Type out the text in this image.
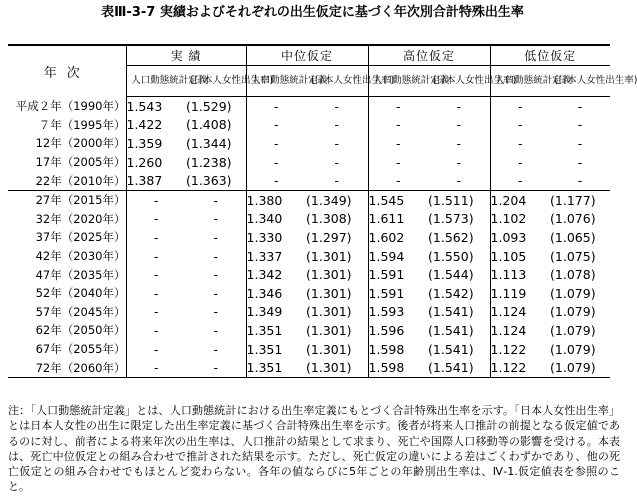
表Ⅲ-3-7 実績およびそれぞれの出生仮定に基づく年次別合計特殊出生率
年次	実 績		中位仮定		高位仮定		低位仮定	
	人口動態統計定義	(日本人女性出生率)	人口動態統計定義	(日本人女性出生率)	人口動態統計定義	(日本人女性出生率)	人口動態統計定義	(日本人女性出生率)
平成２年（1990年）	1.543	(1.529)	-	-	-	-	-	-
７年（1995年）	1.422	(1.408)	-	-	-	-	-	-
12年（2000年）	1.359	(1.344)	-	-	-	-	-	-
17年（2005年）	1.260	(1.238)	-	-	-	-	-	-
22年（2010年）	1.387	(1.363)	-	-	-	-	-	-
27年（2015年）	-	-	1.380	(1.349)	1.545	(1.511)	1.204	(1.177)
32年（2020年）	-	-	1.340	(1.308)	1.611	(1.573)	1.102	(1.076)
37年（2025年）	-	-	1.330	(1.297)	1.602	(1.562)	1.093	(1.065)
42年（2030年）	-	-	1.337	(1.301)	1.594	(1.550)	1.105	(1.075)
47年（2035年）	-	-	1.342	(1.301)	1.591	(1.544)	1.113	(1.078)
52年（2040年）	-	-	1.346	(1.301)	1.591	(1.542)	1.119	(1.079)
57年（2045年）	-	-	1.349	(1.301)	1.593	(1.541)	1.124	(1.079)
62年（2050年）	-	-	1.351	(1.301)	1.596	(1.541)	1.124	(1.079)
67年（2055年）	-	-	1.351	(1.301)	1.598	(1.541)	1.122	(1.079)
72年（2060年）	-	-	1.351	(1.301)	1.598	(1.541)	1.122	(1.079)
注：「人口動態統計定義」とは、人口動態統計における出生率定義にもとづく合計特殊出生率を示す。「日本人女性出生率」とは日本人女性の出生に限定した出生率定義に基づく合計特殊出生率を示す。後者が将来人口推計の前提となる仮定値であるのに対し、前者による将来年次の出生率は、人口推計の結果として求まり、死亡や国際人口移動等の影響を受ける。本表は、死亡中位仮定との組み合わせで推計された結果を示す。ただし、死亡仮定の違いによる差はごくわずかであり、他の死亡仮定との組み合わせでもほとんど変わらない。各年の値ならびに5年ごとの年齢別出生率は、Ⅳ-1.仮定値表を参照のこと。
